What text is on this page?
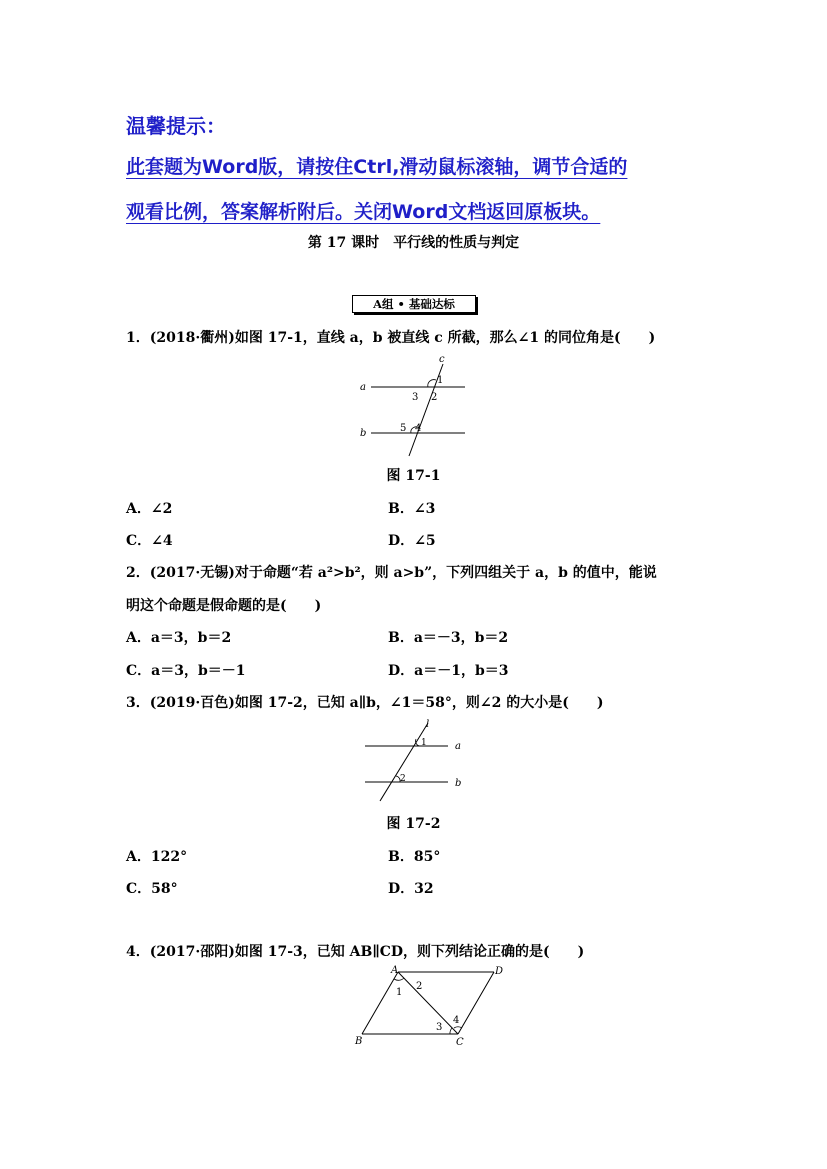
温馨提示：
此套题为Word版，请按住Ctrl,滑动鼠标滚轴，调节合适的
观看比例，答案解析附后。关闭Word文档返回原板块。
第 17 课时　平行线的性质与判定
A组 • 基础达标
1．(2018·衢州)如图 17-1，直线 a，b 被直线 c 所截，那么∠1 的同位角是(　　)
a
b
c
1
2
3
4
5
图 17-1
A．∠2	B．∠3
C．∠4	D．∠5
2．(2017·无锡)对于命题“若 a²>b²，则 a>b”，下列四组关于 a，b 的值中，能说
明这个命题是假命题的是(　　)
A．a＝3，b＝2	B．a＝－3，b＝2
C．a＝3，b＝－1	D．a＝－1，b＝3
3．(2019·百色)如图 17-2，已知 a∥b，∠1＝58°，则∠2 的大小是(　　)
l
a
b
1
2
图 17-2
A．122°	B．85°
C．58°	D．32
4．(2017·邵阳)如图 17-3，已知 AB∥CD，则下列结论正确的是(　　)
A	D
B	C
1
2
3
4
